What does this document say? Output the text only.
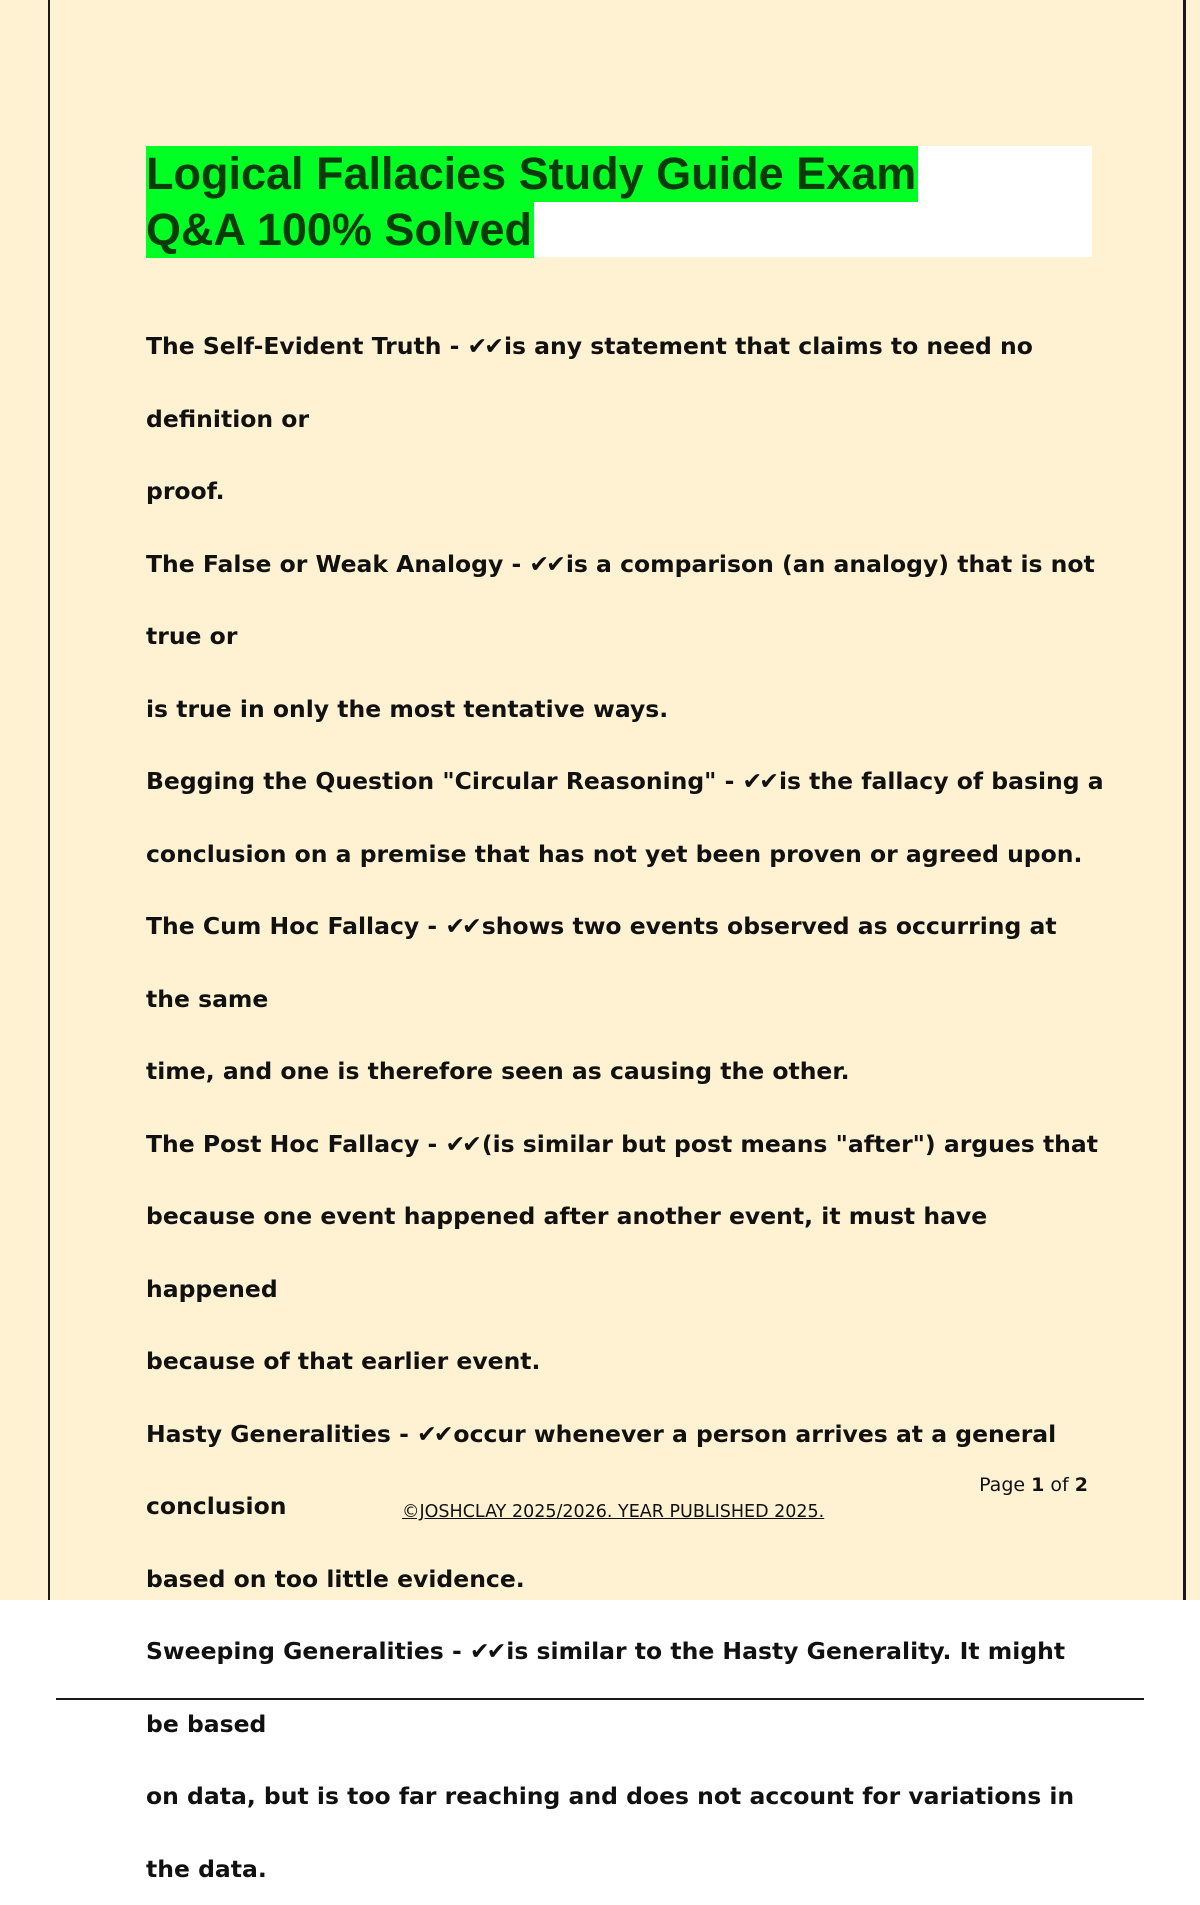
Logical Fallacies Study Guide Exam
Q&A 100% Solved
The Self-Evident Truth - ✔✔ is any statement that claims to need no definition or
proof.
The False or Weak Analogy - ✔✔ is a comparison (an analogy) that is not true or
is true in only the most tentative ways.
Begging the Question "Circular Reasoning" - ✔✔ is the fallacy of basing a
conclusion on a premise that has not yet been proven or agreed upon.
The Cum Hoc Fallacy - ✔✔ shows two events observed as occurring at the same
time, and one is therefore seen as causing the other.
The Post Hoc Fallacy - ✔✔ (is similar but post means "after") argues that
because one event happened after another event, it must have happened
because of that earlier event.
Hasty Generalities - ✔✔ occur whenever a person arrives at a general conclusion
based on too little evidence.
Sweeping Generalities - ✔✔ is similar to the Hasty Generality. It might be based
on data, but is too far reaching and does not account for variations in the data.
Page 1 of 2
©JOSHCLAY 2025/2026. YEAR PUBLISHED 2025.
